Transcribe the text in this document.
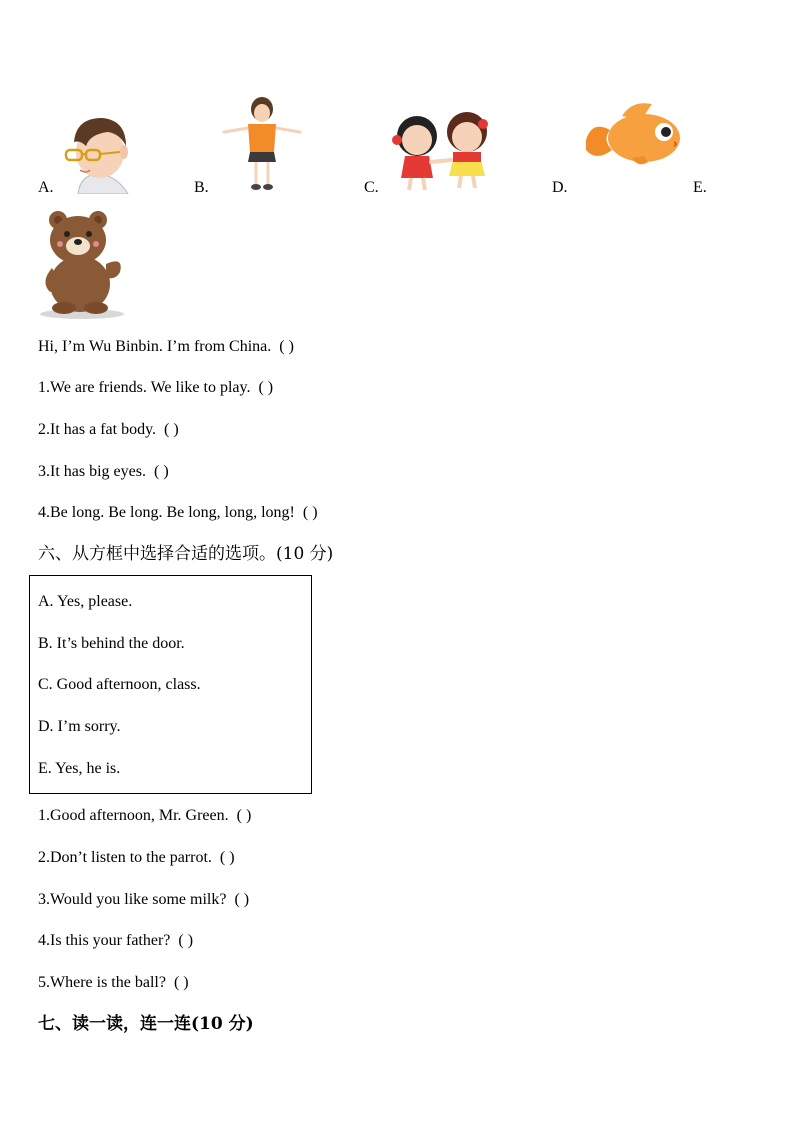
A.	B.	C.	D.	E.
Hi, I’m Wu Binbin. I’m from China. ( )
1.We are friends. We like to play. ( )
2.It has a fat body. ( )
3.It has big eyes. ( )
4.Be long. Be long. Be long, long, long! ( )
六、从方框中选择合适的选项。(10 分)
A. Yes, please.
B. It’s behind the door.
C. Good afternoon, class.
D. I’m sorry.
E. Yes, he is.
1.Good afternoon, Mr. Green. ( )
2.Don’t listen to the parrot. ( )
3.Would you like some milk? ( )
4.Is this your father? ( )
5.Where is the ball? ( )
七、读一读，连一连(10 分)
